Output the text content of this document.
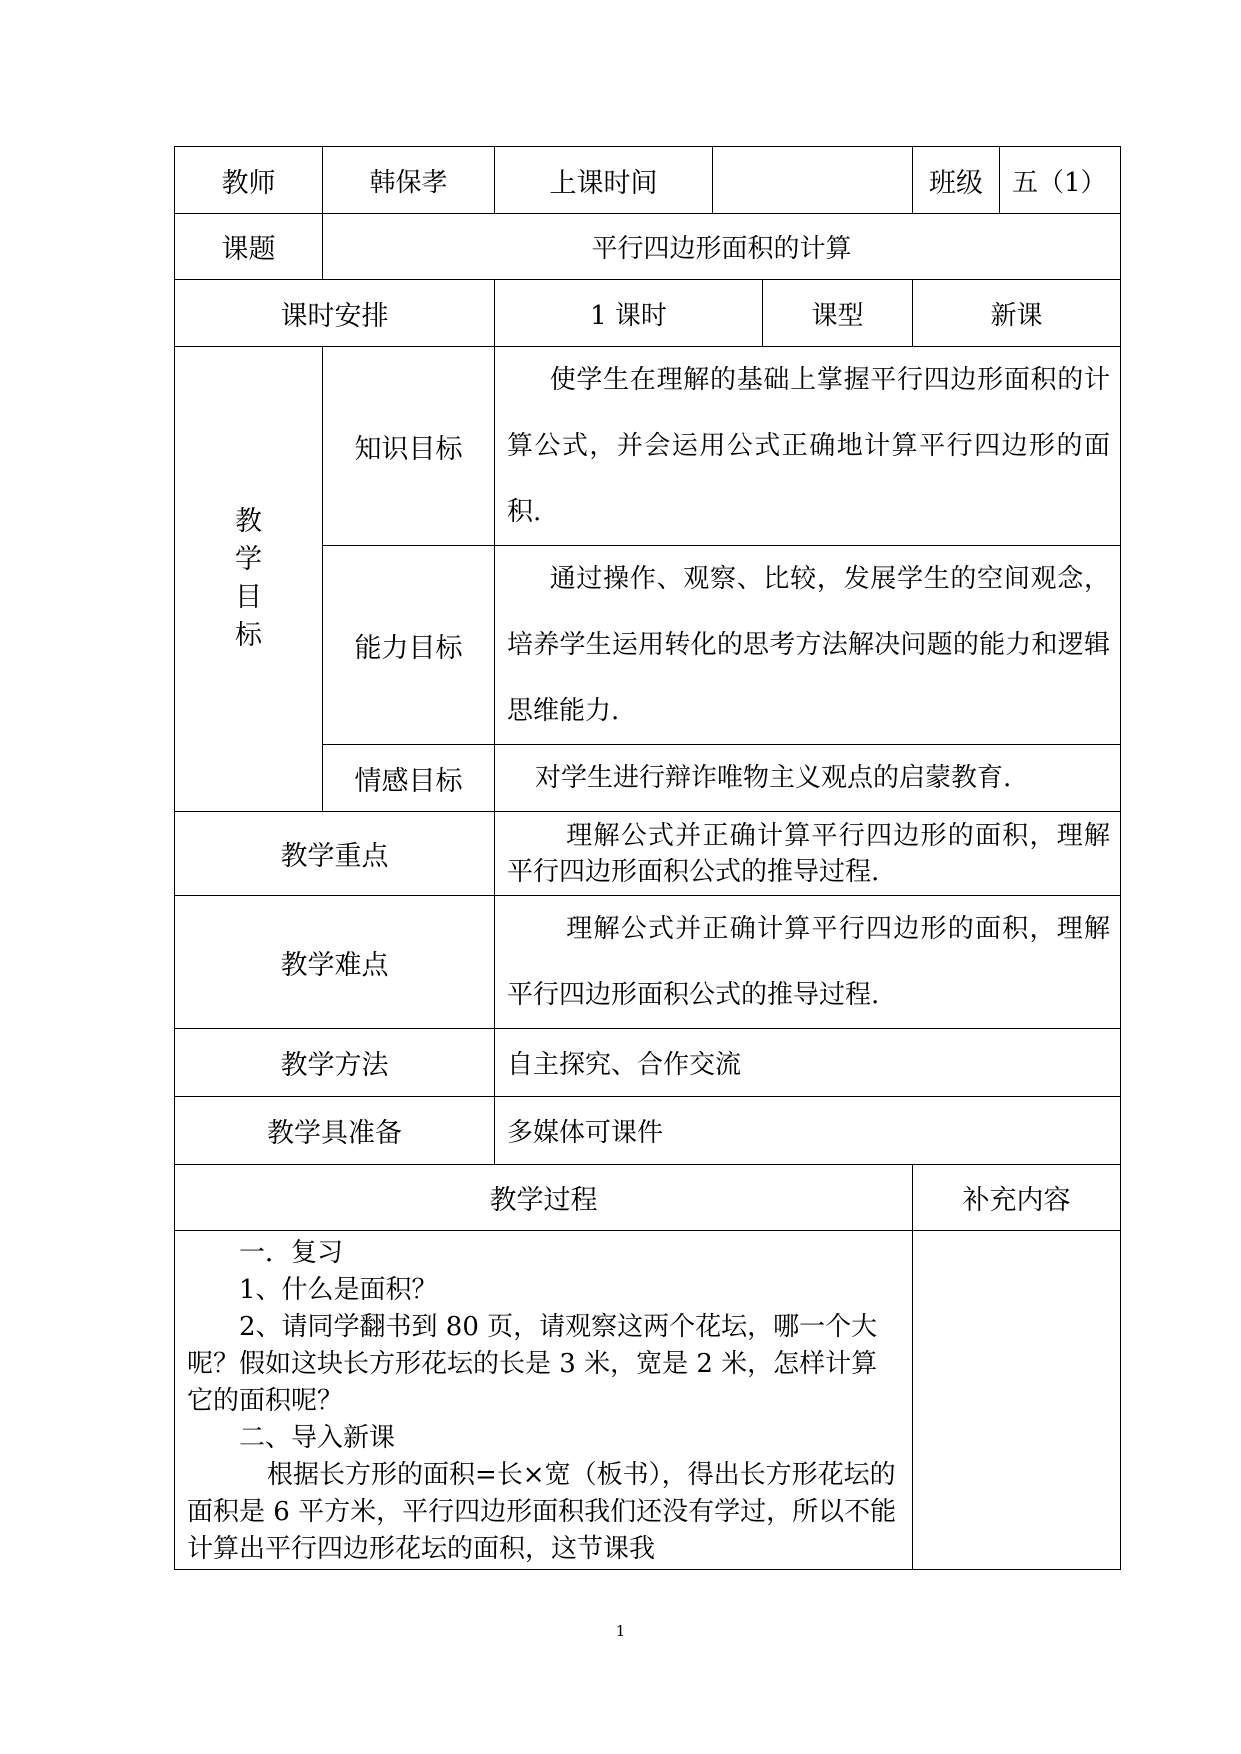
教师	韩保孝	上课时间			班级	五（1）
课题	平行四边形面积的计算					
课时安排		1 课时		课型	新课	

教
学
目
标	知识目标	使学生在理解的基础上掌握平行四边形面积的计算公式，并会运用公式正确地计算平行四边形的面积.				
	能力目标	通过操作、观察、比较，发展学生的空间观念，培养学生运用转化的思考方法解决问题的能力和逻辑思维能力.				
	情感目标	对学生进行辩诈唯物主义观点的启蒙教育.				
教学重点		理解公式并正确计算平行四边形的面积，理解平行四边形面积公式的推导过程.				
教学难点		理解公式并正确计算平行四边形的面积，理解平行四边形面积公式的推导过程.				
教学方法		自主探究、合作交流				
教学具准备		多媒体可课件				
教学过程					补充内容	

一．复习

1、什么是面积？

2、请同学翻书到 80 页，请观察这两个花坛，哪一个大呢？假如这块长方形花坛的长是 3 米，宽是 2 米，怎样计算它的面积呢？

二、导入新课

根据长方形的面积=长×宽（板书），得出长方形花坛的面积是 6 平方米，平行四边形面积我们还没有学过，所以不能计算出平行四边形花坛的面积，这节课我						

1
